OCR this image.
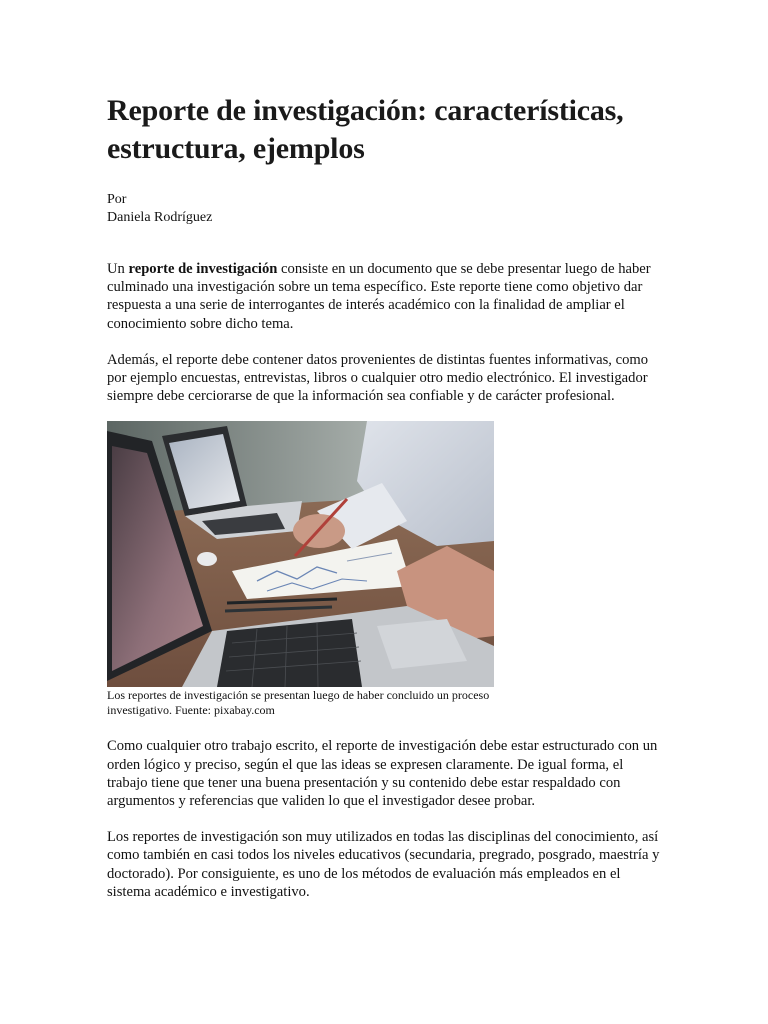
Reporte de investigación: características, estructura, ejemplos
Por
Daniela Rodríguez

Un reporte de investigación consiste en un documento que se debe presentar luego de haber culminado una investigación sobre un tema específico. Este reporte tiene como objetivo dar respuesta a una serie de interrogantes de interés académico con la finalidad de ampliar el conocimiento sobre dicho tema.

Además, el reporte debe contener datos provenientes de distintas fuentes informativas, como por ejemplo encuestas, entrevistas, libros o cualquier otro medio electrónico. El investigador siempre debe cerciorarse de que la información sea confiable y de carácter profesional.

Los reportes de investigación se presentan luego de haber concluido un proceso investigativo. Fuente: pixabay.com

Como cualquier otro trabajo escrito, el reporte de investigación debe estar estructurado con un orden lógico y preciso, según el que las ideas se expresen claramente. De igual forma, el trabajo tiene que tener una buena presentación y su contenido debe estar respaldado con argumentos y referencias que validen lo que el investigador desee probar.

Los reportes de investigación son muy utilizados en todas las disciplinas del conocimiento, así como también en casi todos los niveles educativos (secundaria, pregrado, posgrado, maestría y doctorado). Por consiguiente, es uno de los métodos de evaluación más empleados en el sistema académico e investigativo.
